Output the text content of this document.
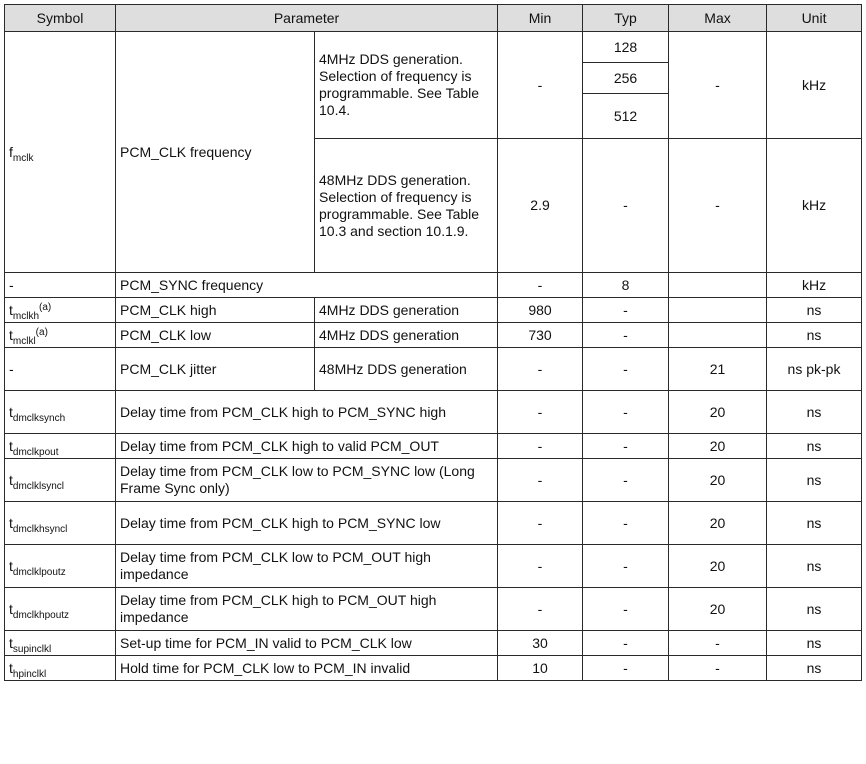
Symbol	Parameter		Min	Typ	Max	Unit
$f_{mclk}$	PCM_CLK frequency	4MHz DDS generation. Selection of frequency is programmable. See Table 10.4.	-	128	-	kHz
				256		
				512		
		48MHz DDS generation. Selection of frequency is programmable. See Table 10.3 and section 10.1.9.	2.9	-	-	kHz
-	PCM_SYNC frequency		-	8		kHz
$t_{mclkh}^{(a)}$	PCM_CLK high	4MHz DDS generation	980	-		ns
$t_{mclkl}^{(a)}$	PCM_CLK low	4MHz DDS generation	730	-		ns
-	PCM_CLK jitter	48MHz DDS generation	-	-	21	ns pk-pk
$t_{dmclksynch}$	Delay time from PCM_CLK high to PCM_SYNC high		-	-	20	ns
$t_{dmclkpout}$	Delay time from PCM_CLK high to valid PCM_OUT		-	-	20	ns
$t_{dmclklsyncl}$	Delay time from PCM_CLK low to PCM_SYNC low (Long Frame Sync only)		-	-	20	ns
$t_{dmclkhsyncl}$	Delay time from PCM_CLK high to PCM_SYNC low		-	-	20	ns
$t_{dmclklpoutz}$	Delay time from PCM_CLK low to PCM_OUT high impedance		-	-	20	ns
$t_{dmclkhpoutz}$	Delay time from PCM_CLK high to PCM_OUT high impedance		-	-	20	ns
$t_{supinclkl}$	Set-up time for PCM_IN valid to PCM_CLK low		30	-	-	ns
$t_{hpinclkl}$	Hold time for PCM_CLK low to PCM_IN invalid		10	-	-	ns
